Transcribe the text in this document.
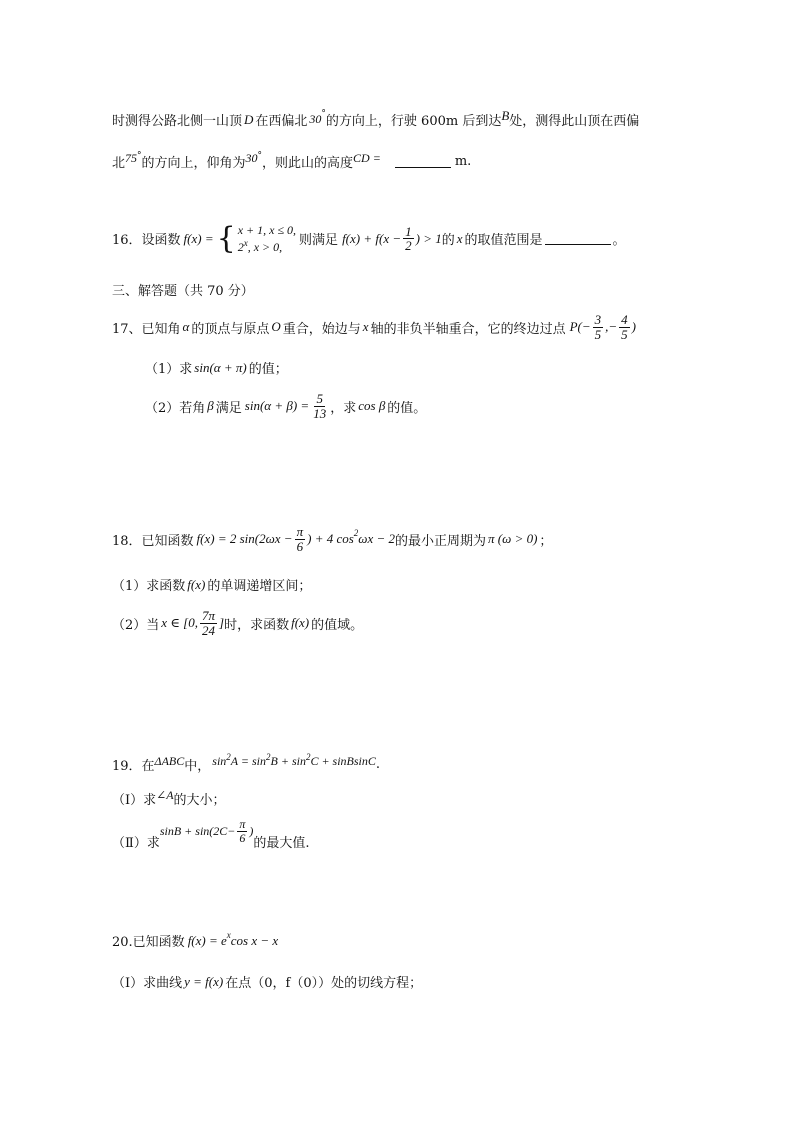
时测得公路北侧一山顶 D 在西偏北 30 °
的方向上，行驶 600m 后到达 B 处，测得此山顶在西偏
北 75 °
的方向上，仰角为 30 °
，则此山的高度 CD =	m.
16．设函数 f(x) = { x + 1, x ≤ 0,
2$^x$, x > 0,	则满足 $f(x) + f(x - \frac{1}{2}$ ) > 1 的 x 的取值范围是	。
三、解答题（共 70 分）
17、已知角 α 的顶点与原点 O 重合，始边与 x 轴的非负半轴重合，它的终边过点 $P(- \frac{3}{5}$ ,− $\frac{4}{5}$ )
（1）求 sin(α + π) 的值；
（2）若角 β 满足 $\sin(\alpha + \beta) = \frac{5}{13}$ ，求 cos β 的值。
18．已知函数 f(x) = 2 $\sin(2\omega x - \frac{\pi}{6}$ ) + 4 cos 2 ωx − 2 的最小正周期为 π (ω > 0) ；
（1）求函数 f(x) 的单调递增区间；
（2）当 x ∈ [0, $\frac{7\pi}{24}$ ] 时，求函数 f(x) 的值域。
19．在 ΔABC 中， $\sin^2A = \sin^2B + \sin^2C$ + sinBsinC .
（Ⅰ）求 ∠A 的大小；
（Ⅱ）求
$\sin B + \sin(2C- \frac{\pi}{6}$ )
的最大值.
20.已知函数 f(x) = e x cos x − x
（Ⅰ）求曲线 y = f(x) 在点（0，f（0））处的切线方程；
